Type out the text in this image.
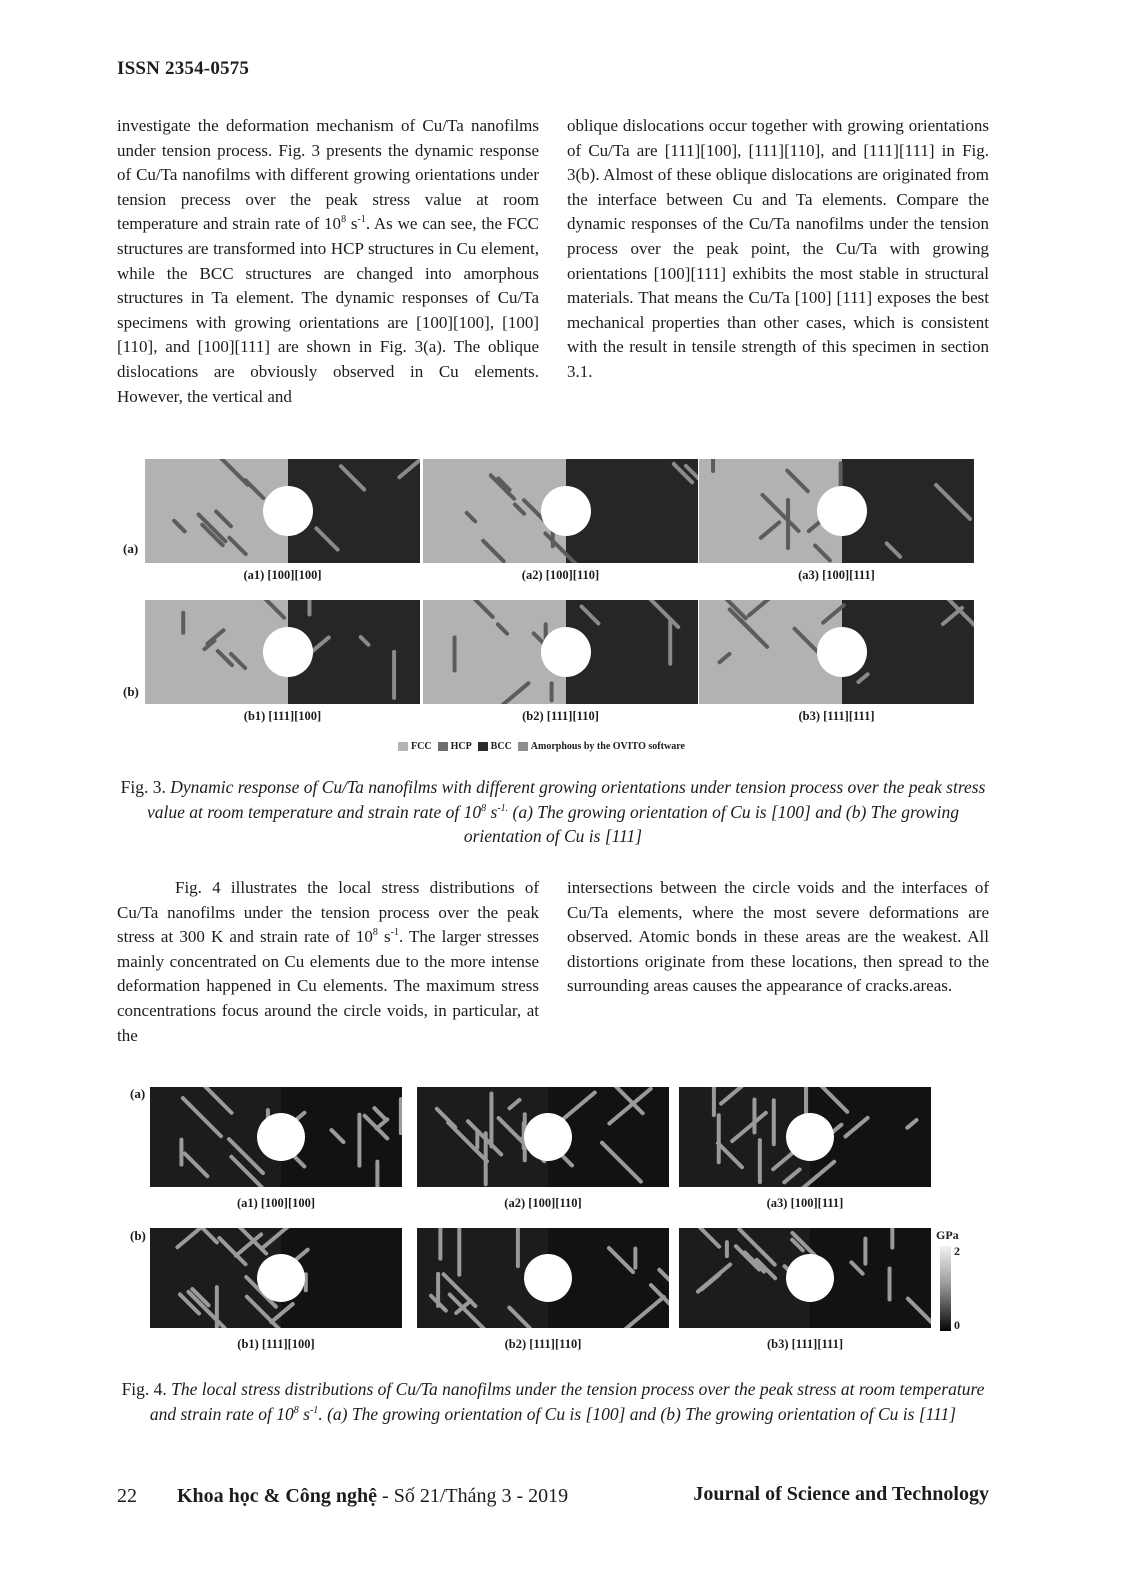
ISSN 2354-0575

investigate the deformation mechanism of Cu/Ta nanofilms under tension process. Fig. 3 presents the dynamic response of Cu/Ta nanofilms with different growing orientations under tension precess over the peak stress value at room temperature and strain rate of $10^8$ $s^{-1}$. As we can see, the FCC structures are transformed into HCP structures in Cu element, while the BCC structures are changed into amorphous structures in Ta element. The dynamic responses of Cu/Ta specimens with growing orientations are [100][100], [100][110], and [100][111] are shown in Fig. 3(a). The oblique dislocations are obviously observed in Cu elements. However, the vertical and

oblique dislocations occur together with growing orientations of Cu/Ta are [111][100], [111][110], and [111][111] in Fig. 3(b). Almost of these oblique dislocations are originated from the interface between Cu and Ta elements. Compare the dynamic responses of the Cu/Ta nanofilms under the tension process over the peak point, the Cu/Ta with growing orientations [100][111] exhibits the most stable in structural materials. That means the Cu/Ta [100] [111] exposes the best mechanical properties than other cases, which is consistent with the result in tensile strength of this specimen in section 3.1.

FCC	HCP	BCC	Amorphous by the OVITO software
Fig. 3. Dynamic response of Cu/Ta nanofilms with different growing orientations under tension process over the peak stress value at room temperature and strain rate of $10^8$ $s^{-1.}$ (a) The growing orientation of Cu is [100] and (b) The growing orientation of Cu is [111]

Fig. 4 illustrates the local stress distributions of Cu/Ta nanofilms under the tension process over the peak stress at 300 K and strain rate of $10^8$ $s^{-1}$. The larger stresses mainly concentrated on Cu elements due to the more intense deformation happened in Cu elements. The maximum stress concentrations focus around the circle voids, in particular, at the

intersections between the circle voids and the interfaces of Cu/Ta elements, where the most severe deformations are observed. Atomic bonds in these areas are the weakest. All distortions originate from these locations, then spread to the surrounding areas causes the appearance of cracks.areas.

GPa
2
0
Fig. 4. The local stress distributions of Cu/Ta nanofilms under the tension process over the peak stress at room temperature and strain rate of $10^8$ $s^{-1}$. (a) The growing orientation of Cu is [100] and (b) The growing orientation of Cu is [111]
22 Khoa học & Công nghệ - Số 21/Tháng 3 - 2019	Journal of Science and Technology
(a1) [100][100]	(a2) [100][110]	(a3) [100][111]
(b1) [111][100]	(b2) [111][110]	(b3) [111][111]
(a)
(b)
(a1) [100][100]	(a2) [100][110]	(a3) [100][111]
(b1) [111][100]	(b2) [111][110]	(b3) [111][111]
(a)
(b)
